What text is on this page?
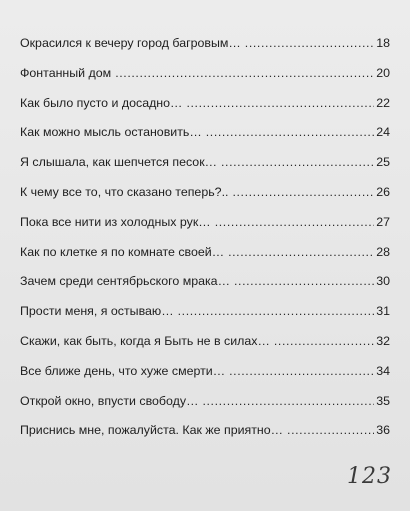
Окрасился к вечеру город багровым… .....	18
Фонтанный дом .....	20
Как было пусто и досадно… .....	22
Как можно мысль остановить… .....	24
Я слышала, как шепчется песок… .....	25
К чему все то, что сказано теперь?.. .....	26
Пока все нити из холодных рук… .....	27
Как по клетке я по комнате своей… .....	28
Зачем среди сентябрьского мрака… .....	30
Прости меня, я остываю… .....	31
Скажи, как быть, когда я Быть не в силах… .....	32
Все ближе день, что хуже смерти… .....	34
Открой окно, впусти свободу… .....	35
Приснись мне, пожалуйста. Как же приятно… .....	36
123
